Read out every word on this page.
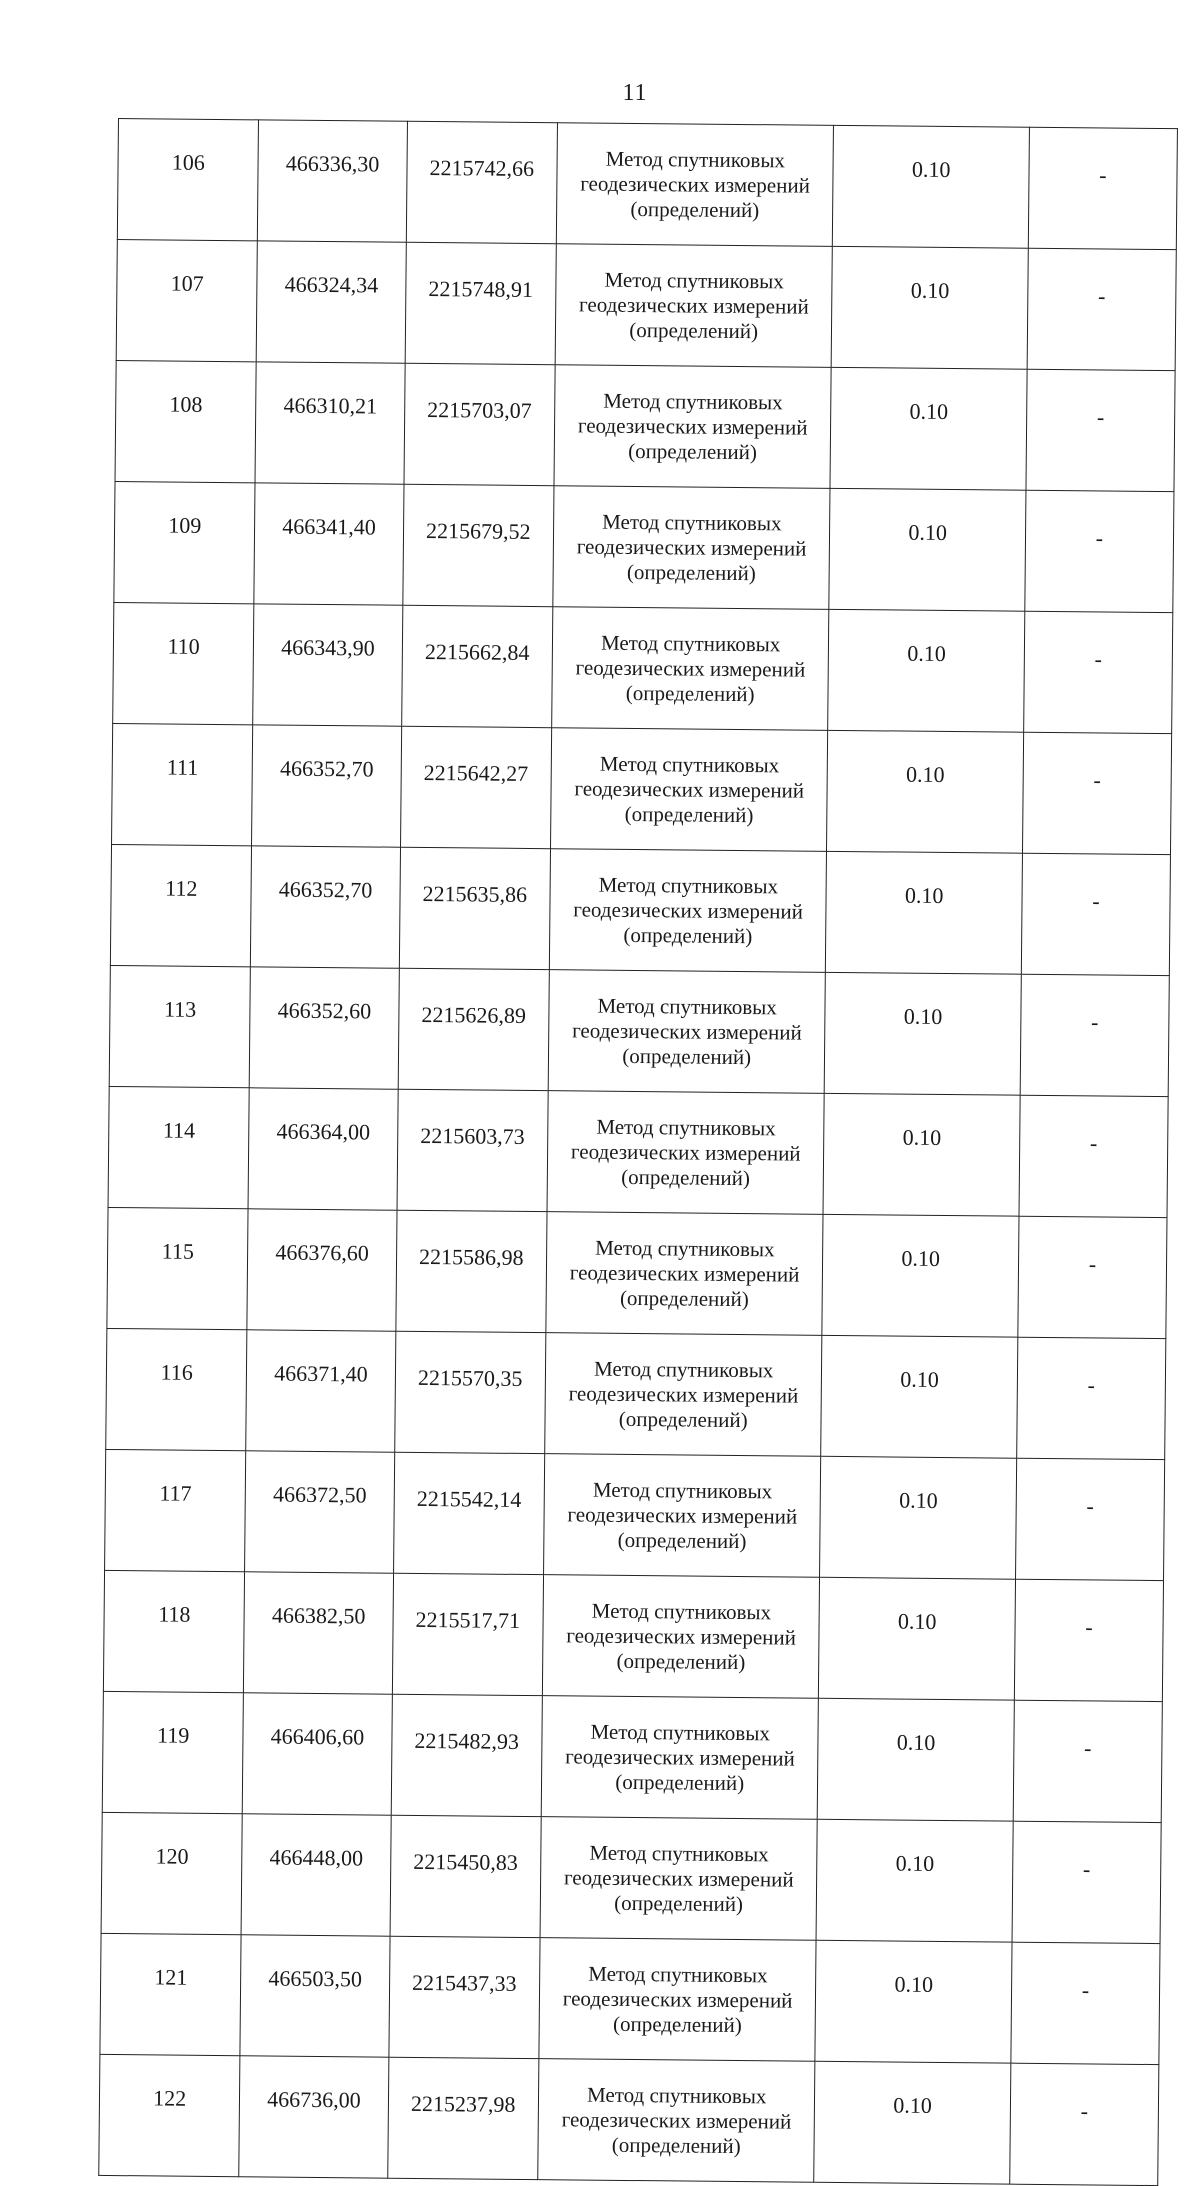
11
106	466336,30	2215742,66	Метод спутниковых
геодезических измерений
(определений)	0.10	-
107	466324,34	2215748,91	Метод спутниковых
геодезических измерений
(определений)	0.10	-
108	466310,21	2215703,07	Метод спутниковых
геодезических измерений
(определений)	0.10	-
109	466341,40	2215679,52	Метод спутниковых
геодезических измерений
(определений)	0.10	-
110	466343,90	2215662,84	Метод спутниковых
геодезических измерений
(определений)	0.10	-
111	466352,70	2215642,27	Метод спутниковых
геодезических измерений
(определений)	0.10	-
112	466352,70	2215635,86	Метод спутниковых
геодезических измерений
(определений)	0.10	-
113	466352,60	2215626,89	Метод спутниковых
геодезических измерений
(определений)	0.10	-
114	466364,00	2215603,73	Метод спутниковых
геодезических измерений
(определений)	0.10	-
115	466376,60	2215586,98	Метод спутниковых
геодезических измерений
(определений)	0.10	-
116	466371,40	2215570,35	Метод спутниковых
геодезических измерений
(определений)	0.10	-
117	466372,50	2215542,14	Метод спутниковых
геодезических измерений
(определений)	0.10	-
118	466382,50	2215517,71	Метод спутниковых
геодезических измерений
(определений)	0.10	-
119	466406,60	2215482,93	Метод спутниковых
геодезических измерений
(определений)	0.10	-
120	466448,00	2215450,83	Метод спутниковых
геодезических измерений
(определений)	0.10	-
121	466503,50	2215437,33	Метод спутниковых
геодезических измерений
(определений)	0.10	-
122	466736,00	2215237,98	Метод спутниковых
геодезических измерений
(определений)	0.10	-
